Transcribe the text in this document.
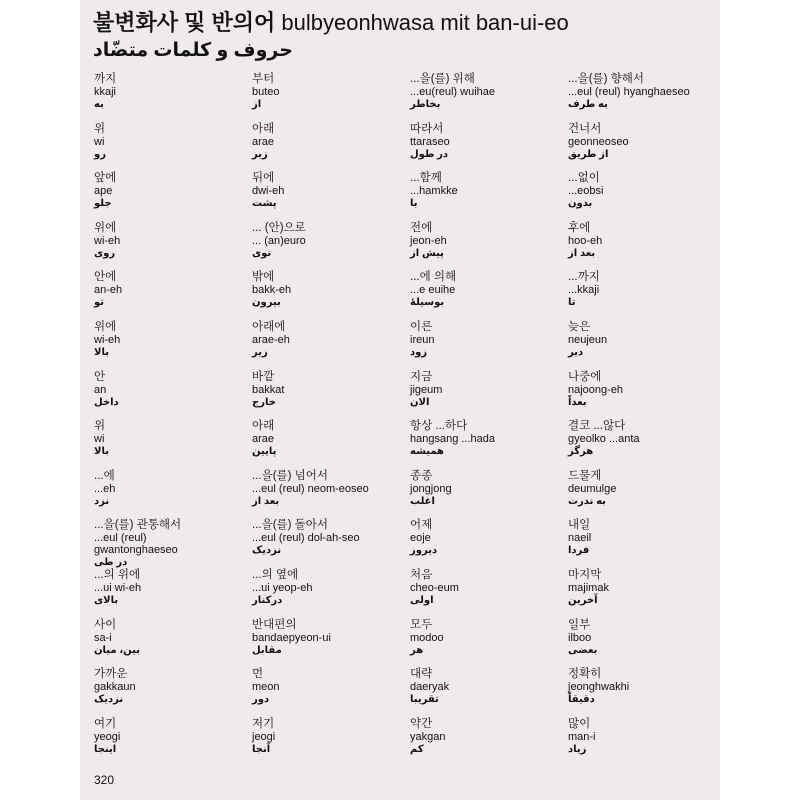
불변화사 및 반의어 bulbyeonhwasa mit ban-ui-eo
حروف و کلمات متضّاد
까지
kkaji
به
위
wi
رو
앞에
ape
جلو
위에
wi-eh
روی
안에
an-eh
تو
위에
wi-eh
بالا
안
an
داخل
위
wi
بالا
...에
...eh
نزد
...을(를) 관통해서
...eul (reul)
gwantonghaeseo
در طی
...의 위에
...ui wi-eh
بالای
사이
sa-i
بین، میان
가까운
gakkaun
نزدیک
여기
yeogi
اینجا
부터
buteo
از
아래
arae
زیر
뒤에
dwi-eh
پشت
... (안)으로
... (an)euro
توی
밖에
bakk-eh
بیرون
아래에
arae-eh
زیر
바깥
bakkat
خارج
아래
arae
پایین
...을(를) 넘어서
...eul (reul) neom-eoseo
بعد از
...을(를) 돌아서
...eul (reul) dol-ah-seo
نزدیک
...의 옆에
...ui yeop-eh
درکنار
반대편의
bandaepyeon-ui
مقابل
먼
meon
دور
저기
jeogi
آنجا
...을(를) 위해
...eu(reul) wuihae
بخاطر
따라서
ttaraseo
در طول
...함께
...hamkke
با
전에
jeon-eh
پیش از
...에 의해
...e euihe
بوسیلهٔ
이른
ireun
زود
지금
jigeum
الان
항상 ...하다
hangsang ...hada
همیشه
종종
jongjong
اغلب
어제
eoje
دیروز
처음
cheo-eum
اولی
모두
modoo
هر
대략
daeryak
تقریبا
약간
yakgan
کم
...을(를) 향해서
...eul (reul) hyanghaeseo
به طرف
건너서
geonneoseo
از طریق
...없이
...eobsi
بدون
후에
hoo-eh
بعد از
...까지
...kkaji
تا
늦은
neujeun
دیر
나중에
najoong-eh
بعداً
결코 ...않다
gyeolko ...anta
هرگز
드물게
deumulge
به ندرت
내일
naeil
فردا
마지막
majimak
آخرین
일부
ilboo
بعضی
정확히
jeonghwakhi
دقیقاً
많이
man-i
زیاد
320
